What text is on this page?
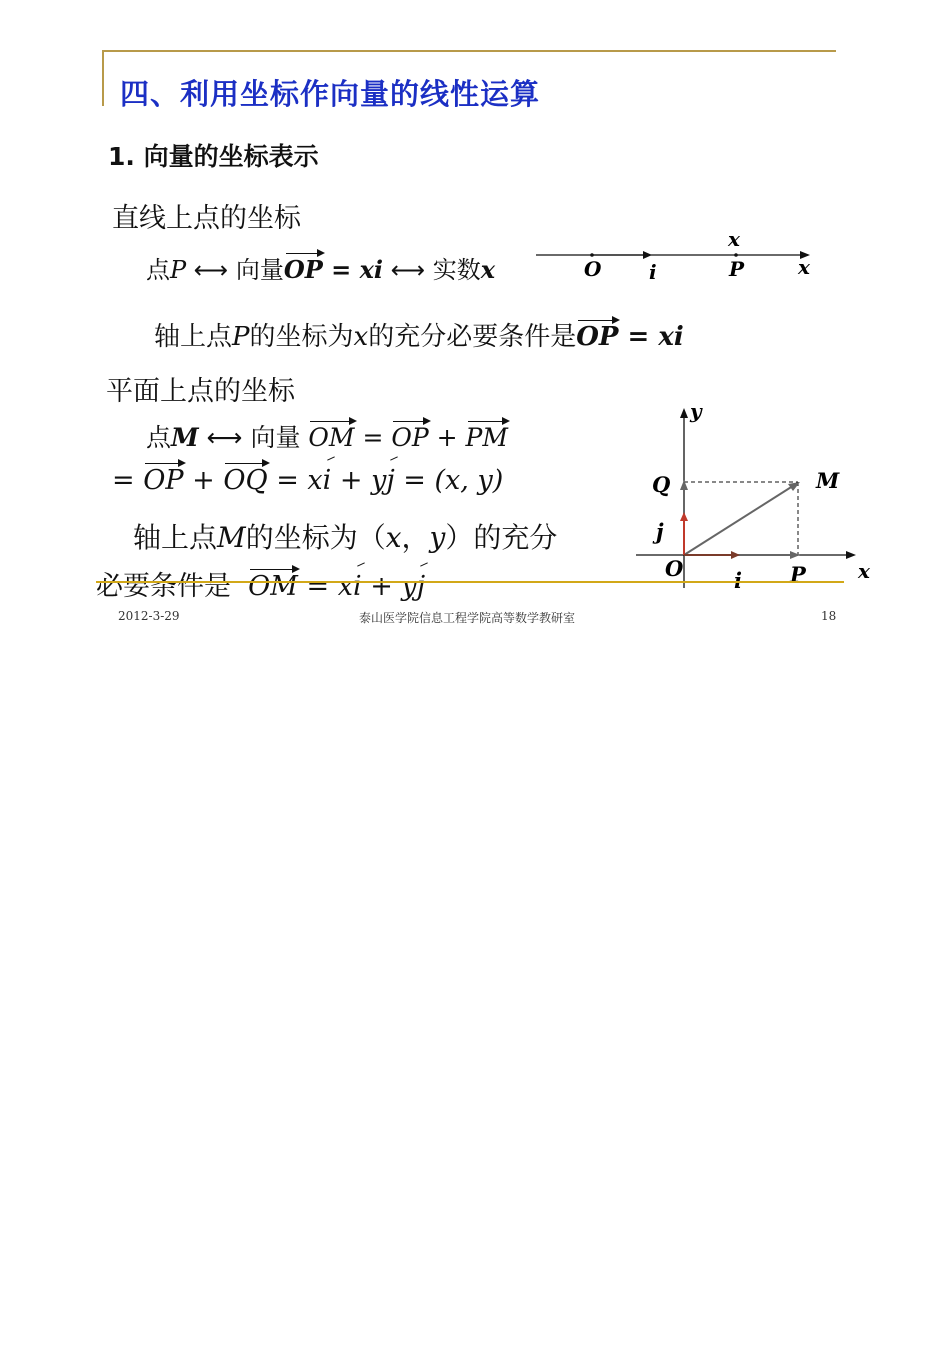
四、利用坐标作向量的线性运算
1. 向量的坐标表示
直线上点的坐标
点P ⟷ 向量OP = xi ⟷ 实数x	O i	P
x
x
轴上点P的坐标为x的充分必要条件是OP = xi
平面上点的坐标
点M ⟷ 向量 OM = OP + PM
= OP + OQ = xi + yj = (x, y)
轴上点M的坐标为（x，y）的充分
必要条件是 OM = xi + yj
y
x
Q	M
j
O i P
2012-3-29	泰山医学院信息工程学院高等数学教研室	18
